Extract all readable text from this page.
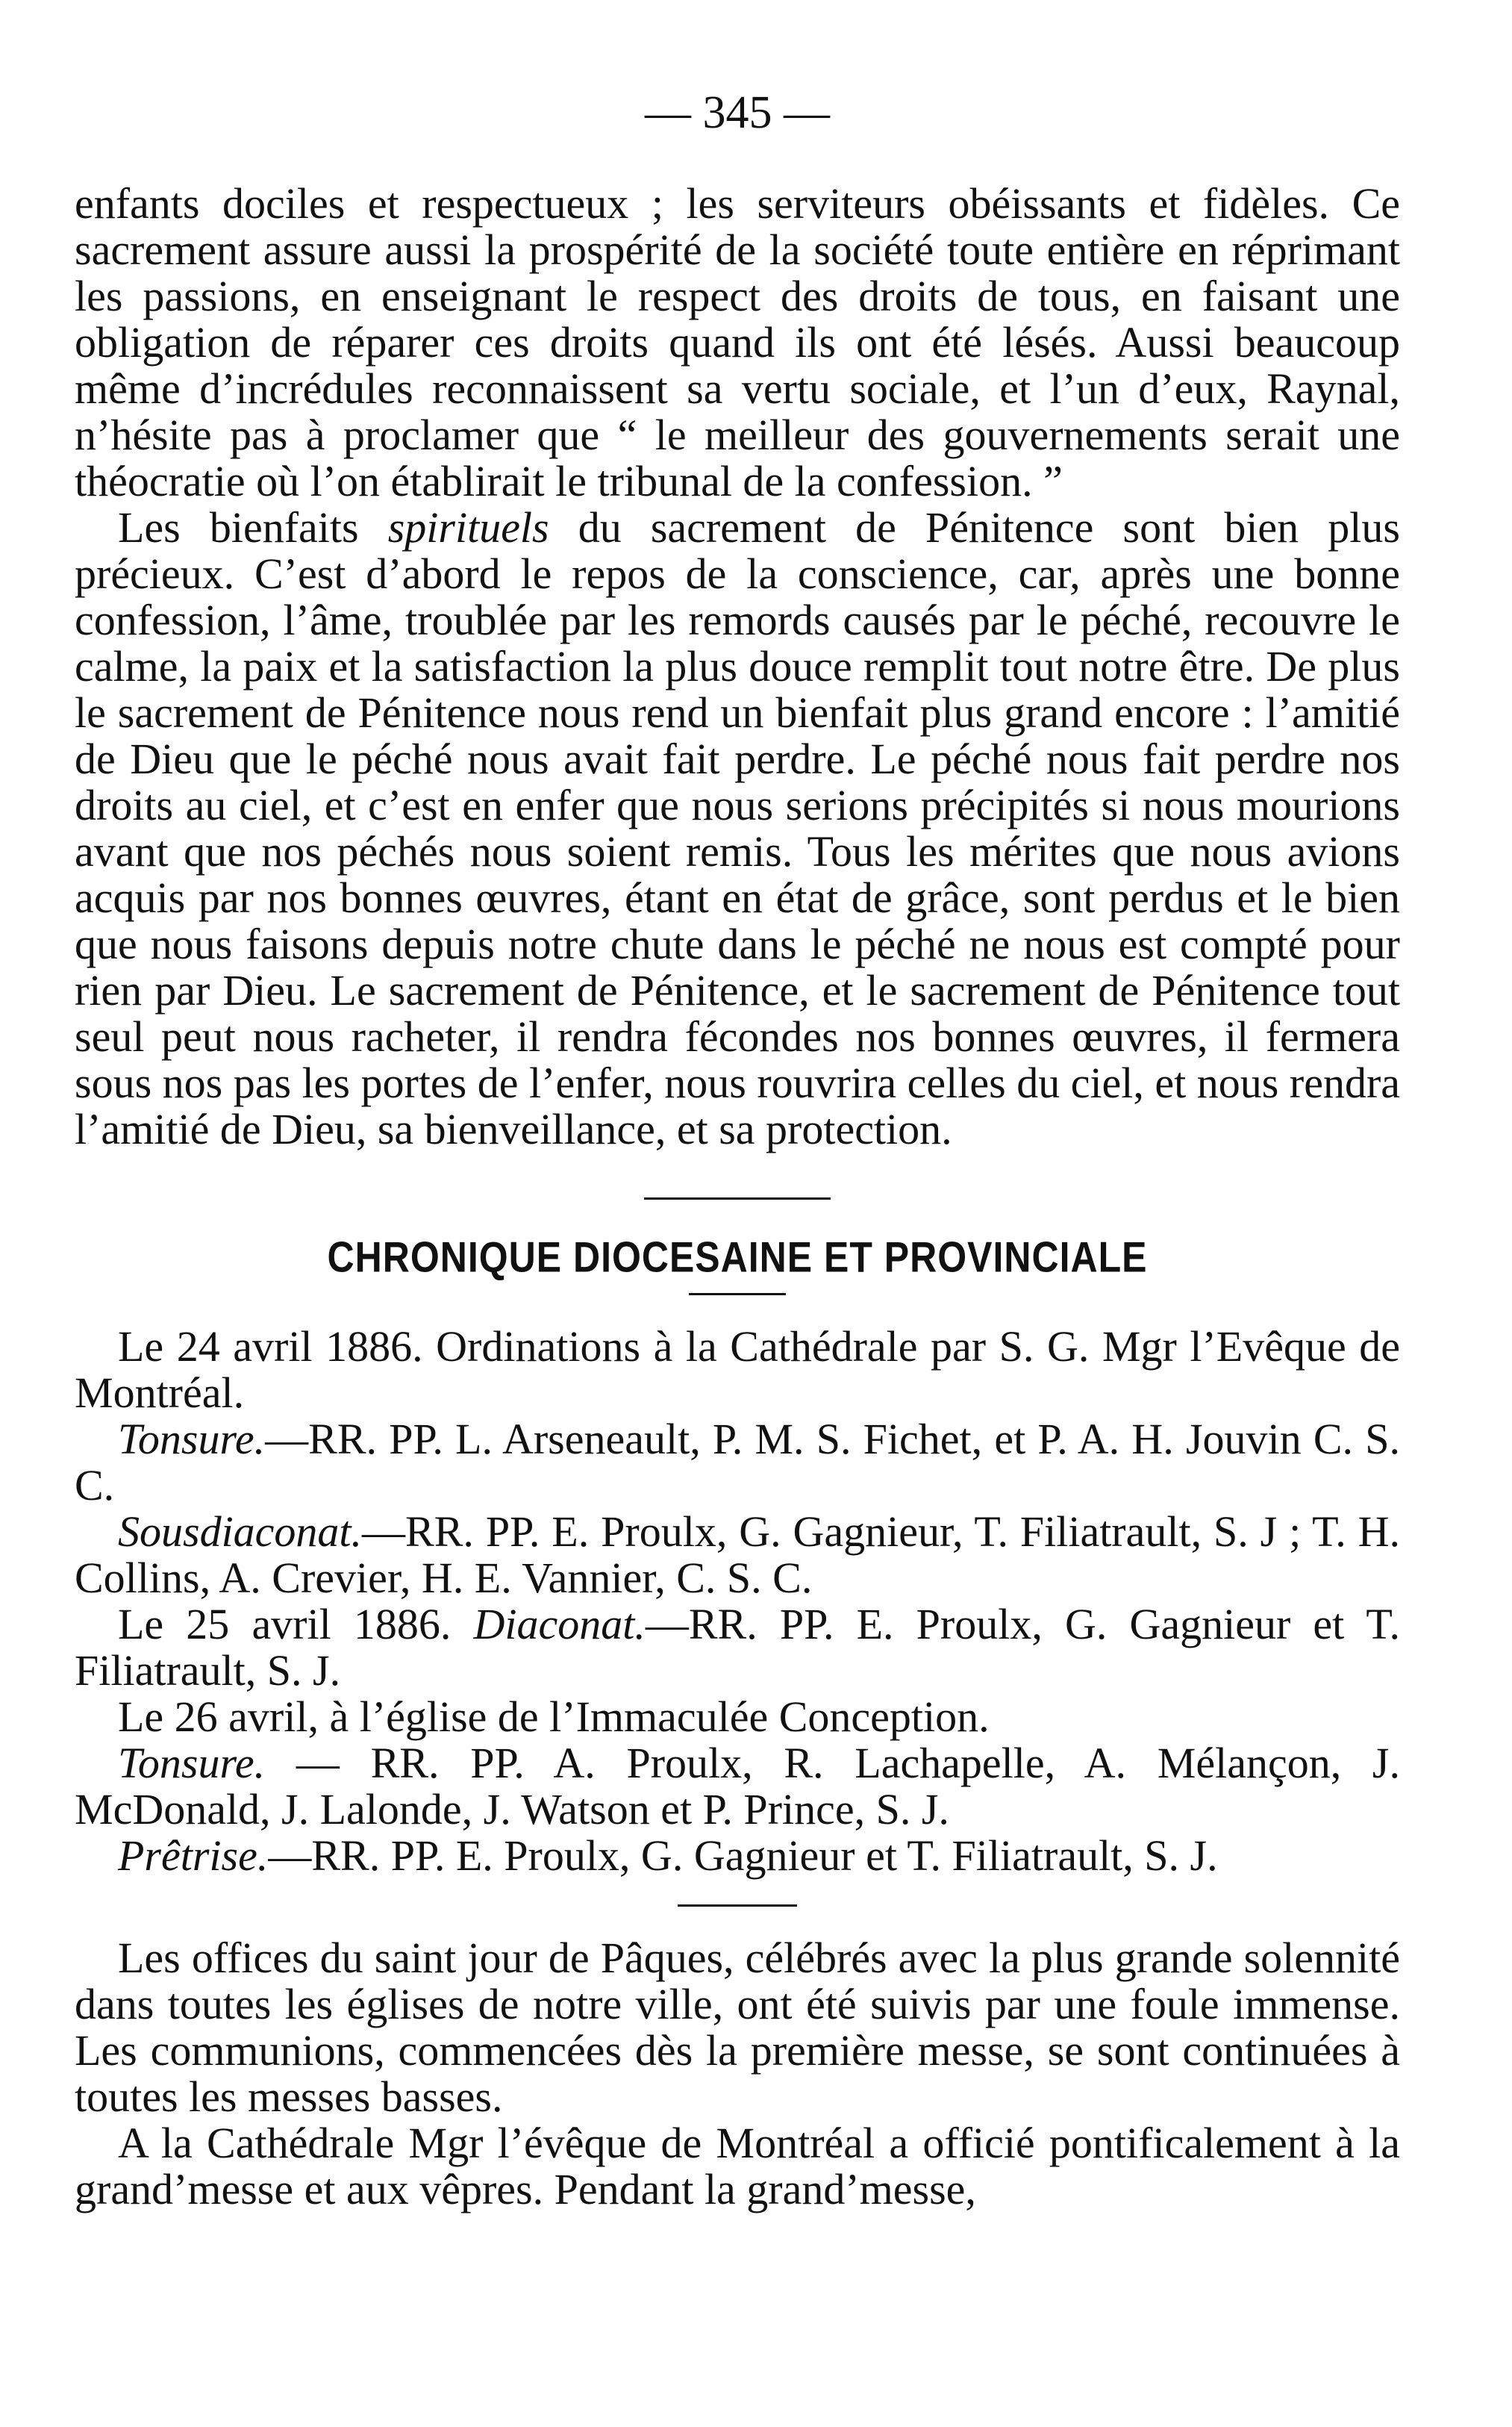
— 345 —

enfants dociles et respectueux ; les serviteurs obéissants et fidèles. Ce sacrement assure aussi la prospérité de la société toute entière en réprimant les passions, en enseignant le respect des droits de tous, en faisant une obligation de réparer ces droits quand ils ont été lésés. Aussi beaucoup même d’incrédules reconnaissent sa vertu sociale, et l’un d’eux, Raynal, n’hésite pas à proclamer que “ le meilleur des gouvernements serait une théocratie où l’on établirait le tribunal de la confession. ”

Les bienfaits spirituels du sacrement de Pénitence sont bien plus précieux. C’est d’abord le repos de la conscience, car, après une bonne confession, l’âme, troublée par les remords causés par le péché, recouvre le calme, la paix et la satisfaction la plus douce remplit tout notre être. De plus le sacrement de Pénitence nous rend un bienfait plus grand encore : l’amitié de Dieu que le péché nous avait fait perdre. Le péché nous fait perdre nos droits au ciel, et c’est en enfer que nous serions précipités si nous mourions avant que nos péchés nous soient remis. Tous les mérites que nous avions acquis par nos bonnes œuvres, étant en état de grâce, sont perdus et le bien que nous faisons depuis notre chute dans le péché ne nous est compté pour rien par Dieu. Le sacrement de Pénitence, et le sacrement de Pénitence tout seul peut nous racheter, il rendra fécondes nos bonnes œuvres, il fermera sous nos pas les portes de l’enfer, nous rouvrira celles du ciel, et nous rendra l’amitié de Dieu, sa bienveillance, et sa protection.

CHRONIQUE DIOCESAINE ET PROVINCIALE

Le 24 avril 1886. Ordinations à la Cathédrale par S. G. Mgr l’Evêque de Montréal.

Tonsure.—RR. PP. L. Arseneault, P. M. S. Fichet, et P. A. H. Jouvin C. S. C.

Sousdiaconat.—RR. PP. E. Proulx, G. Gagnieur, T. Filiatrault, S. J ; T. H. Collins, A. Crevier, H. E. Vannier, C. S. C.

Le 25 avril 1886. Diaconat.—RR. PP. E. Proulx, G. Gagnieur et T. Filiatrault, S. J.

Le 26 avril, à l’église de l’Immaculée Conception.

Tonsure. — RR. PP. A. Proulx, R. Lachapelle, A. Mélançon, J. McDonald, J. Lalonde, J. Watson et P. Prince, S. J.

Prêtrise.—RR. PP. E. Proulx, G. Gagnieur et T. Filiatrault, S. J.

Les offices du saint jour de Pâques, célébrés avec la plus grande solennité dans toutes les églises de notre ville, ont été suivis par une foule immense. Les communions, commencées dès la première messe, se sont continuées à toutes les messes basses.

A la Cathédrale Mgr l’évêque de Montréal a officié pontificalement à la grand’messe et aux vêpres. Pendant la grand’messe,
